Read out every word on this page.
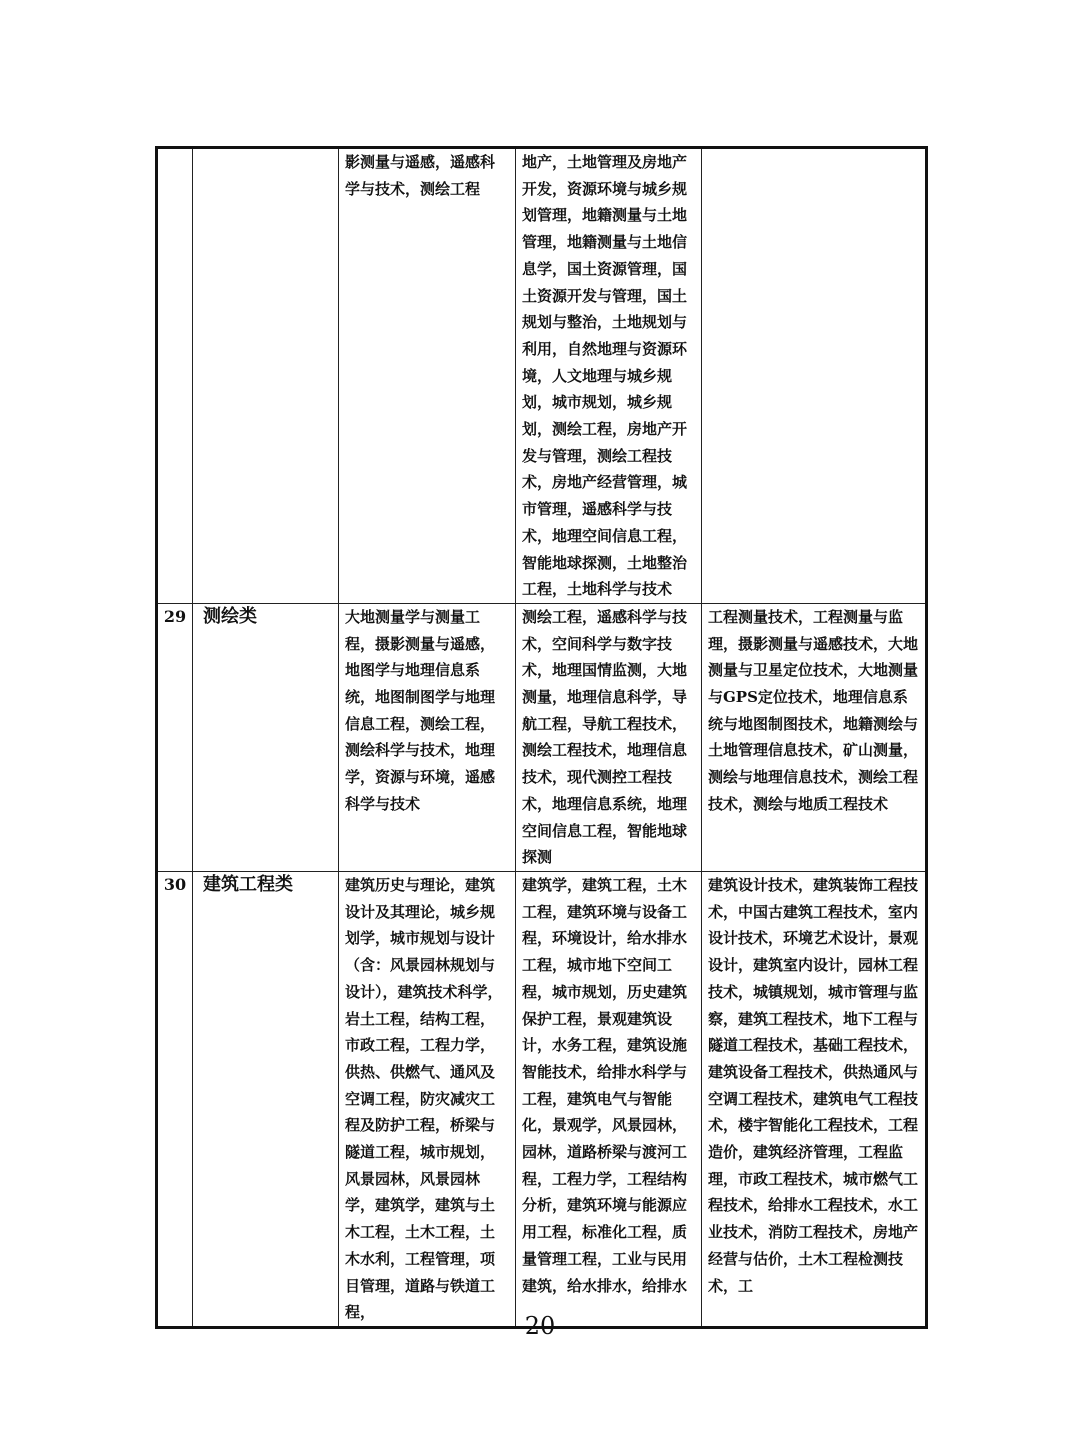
		影测量与遥感，遥感科学与技术，测绘工程	地产，土地管理及房地产开发，资源环境与城乡规划管理，地籍测量与土地管理，地籍测量与土地信息学，国土资源管理，国土资源开发与管理，国土规划与整治，土地规划与利用，自然地理与资源环境，人文地理与城乡规划，城市规划，城乡规划，测绘工程，房地产开发与管理，测绘工程技术，房地产经营管理，城市管理，遥感科学与技术，地理空间信息工程，智能地球探测，土地整治工程，土地科学与技术	
29	测绘类	大地测量学与测量工程，摄影测量与遥感，地图学与地理信息系统，地图制图学与地理信息工程，测绘工程，测绘科学与技术，地理学，资源与环境，遥感科学与技术	测绘工程，遥感科学与技术，空间科学与数字技术，地理国情监测，大地测量，地理信息科学，导航工程，导航工程技术，测绘工程技术，地理信息技术，现代测控工程技术，地理信息系统，地理空间信息工程，智能地球探测	工程测量技术，工程测量与监理，摄影测量与遥感技术，大地测量与卫星定位技术，大地测量与GPS定位技术，地理信息系统与地图制图技术，地籍测绘与土地管理信息技术，矿山测量，测绘与地理信息技术，测绘工程技术，测绘与地质工程技术
30	建筑工程类	建筑历史与理论，建筑设计及其理论，城乡规划学，城市规划与设计（含：风景园林规划与设计），建筑技术科学，岩土工程，结构工程，市政工程，工程力学，供热、供燃气、通风及空调工程，防灾减灾工程及防护工程，桥梁与隧道工程，城市规划，风景园林，风景园林学，建筑学，建筑与土木工程，土木工程，土木水利，工程管理，项目管理，道路与铁道工程，	建筑学，建筑工程，土木工程，建筑环境与设备工程，环境设计，给水排水工程，城市地下空间工程，城市规划，历史建筑保护工程，景观建筑设计，水务工程，建筑设施智能技术，给排水科学与工程，建筑电气与智能化，景观学，风景园林，园林，道路桥梁与渡河工程，工程力学，工程结构分析，建筑环境与能源应用工程，标准化工程，质量管理工程，工业与民用建筑，给水排水，给排水	建筑设计技术，建筑装饰工程技术，中国古建筑工程技术，室内设计技术，环境艺术设计，景观设计，建筑室内设计，园林工程技术，城镇规划，城市管理与监察，建筑工程技术，地下工程与隧道工程技术，基础工程技术，建筑设备工程技术，供热通风与空调工程技术，建筑电气工程技术，楼宇智能化工程技术，工程造价，建筑经济管理，工程监理，市政工程技术，城市燃气工程技术，给排水工程技术，水工业技术，消防工程技术，房地产经营与估价，土木工程检测技术，工
— 20 —
